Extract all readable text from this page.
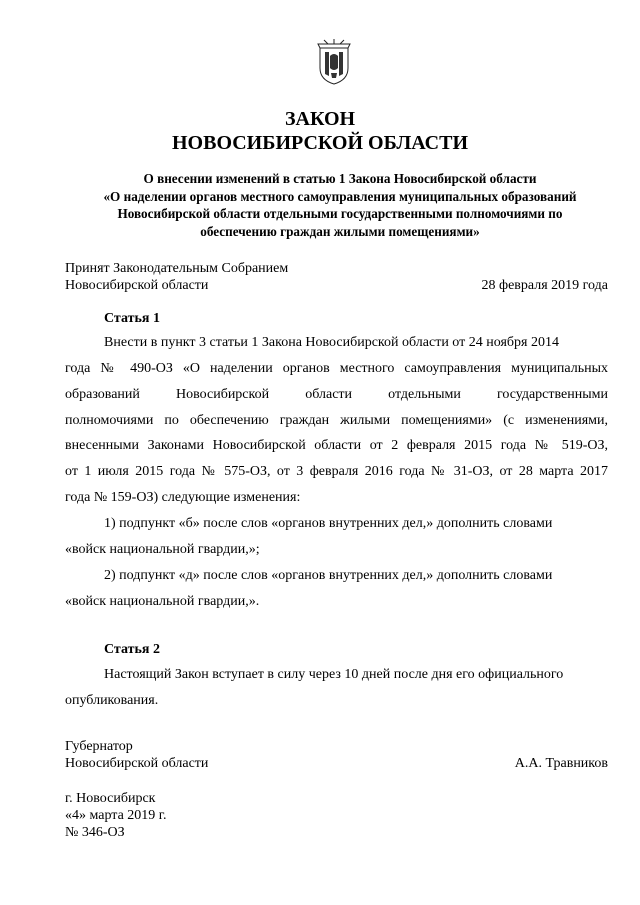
ЗАКОН
НОВОСИБИРСКОЙ ОБЛАСТИ
О внесении изменений в статью 1 Закона Новосибирской области
«О наделении органов местного самоуправления муниципальных образований
Новосибирской области отдельными государственными полномочиями по
обеспечению граждан жилыми помещениями»
Принят Законодательным Собранием
Новосибирской области	28 февраля 2019 года
Статья 1
Внести в пункт 3 статьи 1 Закона Новосибирской области от 24 ноября 2014
года № 490-ОЗ «О наделении органов местного самоуправления муниципальных
образований Новосибирской области отдельными государственными
полномочиями по обеспечению граждан жилыми помещениями» (с изменениями,
внесенными Законами Новосибирской области от 2 февраля 2015 года № 519-ОЗ,
от 1 июля 2015 года № 575-ОЗ, от 3 февраля 2016 года № 31-ОЗ, от 28 марта 2017
года № 159-ОЗ) следующие изменения:
1) подпункт «б» после слов «органов внутренних дел,» дополнить словами
«войск национальной гвардии,»;
2) подпункт «д» после слов «органов внутренних дел,» дополнить словами
«войск национальной гвардии,».
Статья 2
Настоящий Закон вступает в силу через 10 дней после дня его официального
опубликования.
Губернатор
Новосибирской области	А.А. Травников
г. Новосибирск
«4» марта 2019 г.
№ 346-ОЗ
